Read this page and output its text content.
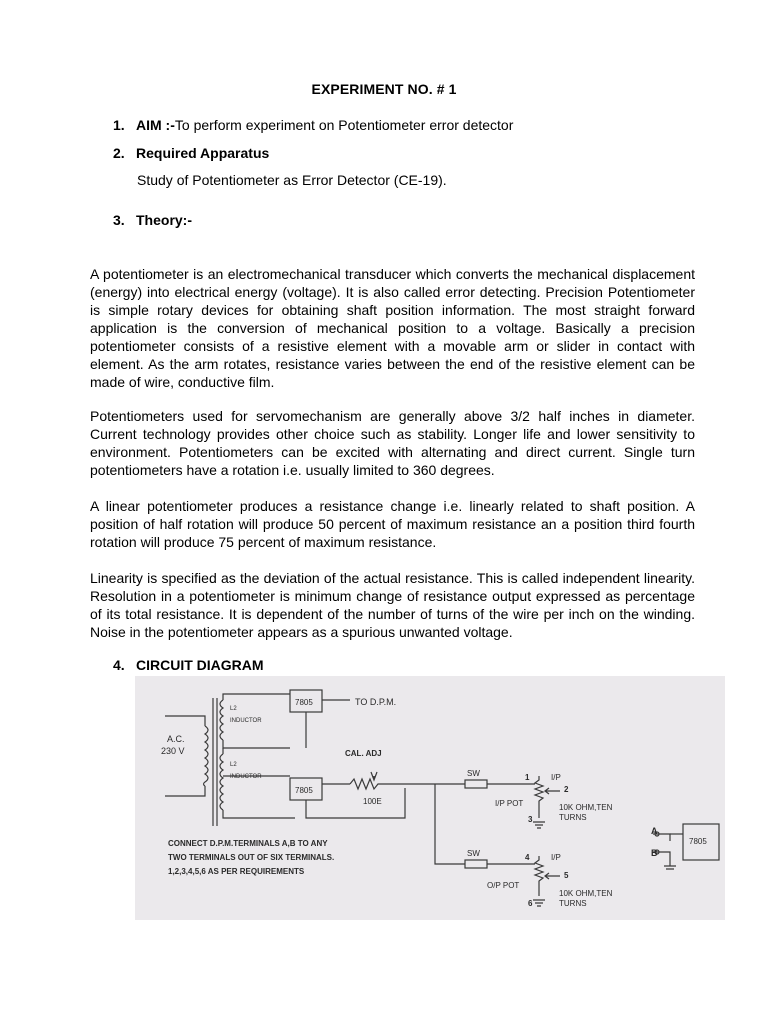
EXPERIMENT NO. # 1
1. AIM :-To perform experiment on Potentiometer error detector
2. Required Apparatus
Study of Potentiometer as Error Detector (CE-19).
3. Theory:-

A potentiometer is an electromechanical transducer which converts the mechanical displacement (energy) into electrical energy (voltage). It is also called error detecting. Precision Potentiometer is simple rotary devices for obtaining shaft position information. The most straight forward application is the conversion of mechanical position to a voltage. Basically a precision potentiometer consists of a resistive element with a movable arm or slider in contact with element. As the arm rotates, resistance varies between the end of the resistive element can be made of wire, conductive film.

Potentiometers used for servomechanism are generally above 3/2 half inches in diameter. Current technology provides other choice such as stability. Longer life and lower sensitivity to environment. Potentiometers can be excited with alternating and direct current. Single turn potentiometers have a rotation i.e. usually limited to 360 degrees.

A linear potentiometer produces a resistance change i.e. linearly related to shaft position. A position of half rotation will produce 50 percent of maximum resistance an a position third fourth rotation will produce 75 percent of maximum resistance.

Linearity is specified as the deviation of the actual resistance. This is called independent linearity. Resolution in a potentiometer is minimum change of resistance output expressed as percentage of its total resistance. It is dependent of the number of turns of the wire per inch on the winding. Noise in the potentiometer appears as a spurious unwanted voltage.

4. CIRCUIT DIAGRAM
A.C.
230 V
L2
INDUCTOR
L2
INDUCTOR
7805
7805
TO D.P.M.
CAL. ADJ
100E
SW
SW
1	I/P
2
I/P POT
3
10K OHM,TEN
TURNS
4	I/P
5
O/P POT
6
10K OHM,TEN
TURNS
A
B
7805
CONNECT D.P.M.TERMINALS A,B TO ANY
TWO TERMINALS OUT OF SIX TERMINALS.
1,2,3,4,5,6 AS PER REQUIREMENTS
